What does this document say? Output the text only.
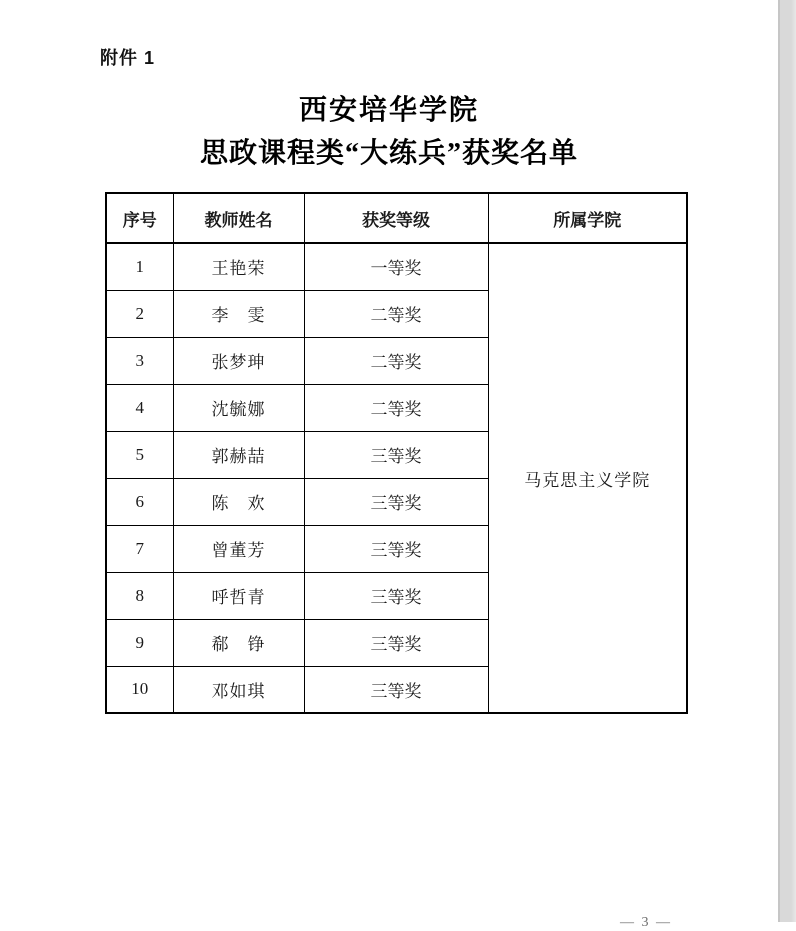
附件 1
西安培华学院
思政课程类“大练兵”获奖名单
序号	教师姓名	获奖等级	所属学院
1	王艳荣	一等奖	马克思主义学院
2	李　雯	二等奖	
3	张梦珅	二等奖	
4	沈毓娜	二等奖	
5	郭赫喆	三等奖	
6	陈　欢	三等奖	
7	曾董芳	三等奖	
8	呼哲青	三等奖	
9	郗　铮	三等奖	
10	邓如琪	三等奖	
— 3 —
